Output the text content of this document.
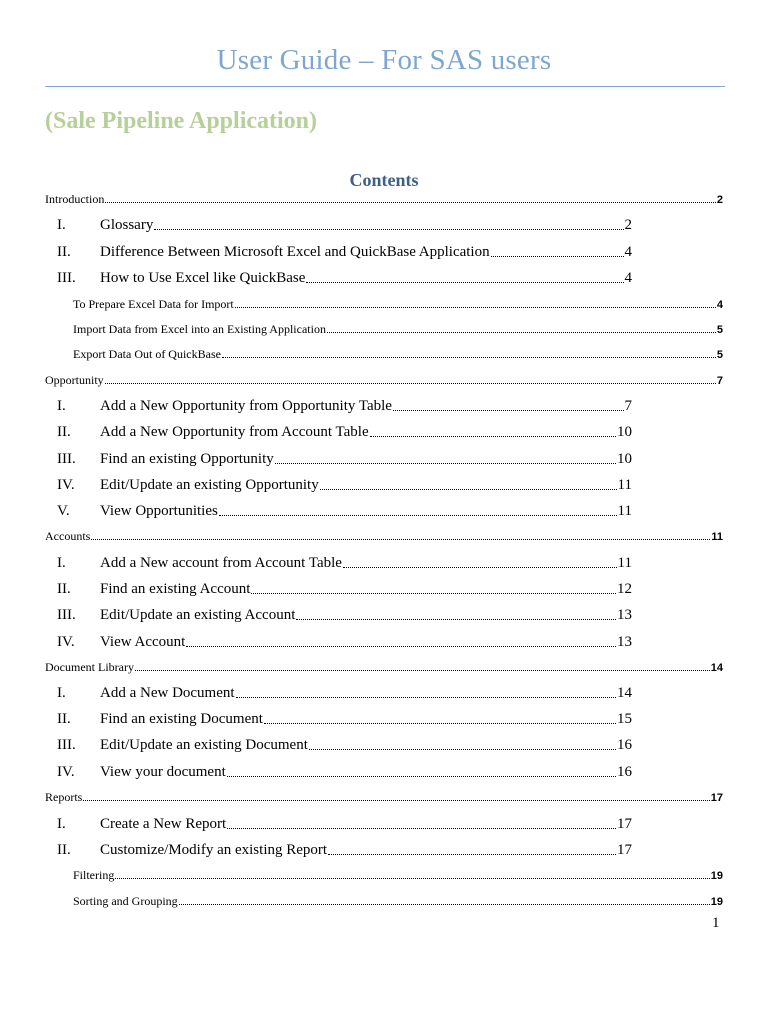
User Guide – For SAS users
(Sale Pipeline Application)
Contents
Introduction	2
I.	Glossary	2
II.	Difference Between Microsoft Excel and QuickBase Application	4
III.	How to Use Excel like QuickBase	4
To Prepare Excel Data for Import	4
Import Data from Excel into an Existing Application	5
Export Data Out of QuickBase	5
Opportunity	7
I.	Add a New Opportunity from Opportunity Table	7
II.	Add a New Opportunity from Account Table	10
III.	Find an existing Opportunity	10
IV.	Edit/Update an existing Opportunity	11
V.	View Opportunities	11
Accounts	11
I.	Add a New account from Account Table	11
II.	Find an existing Account	12
III.	Edit/Update an existing Account	13
IV.	View Account	13
Document Library	14
I.	Add a New Document	14
II.	Find an existing Document	15
III.	Edit/Update an existing Document	16
IV.	View your document	16
Reports	17
I.	Create a New Report	17
II.	Customize/Modify an existing Report	17
Filtering	19
Sorting and Grouping	19
1
